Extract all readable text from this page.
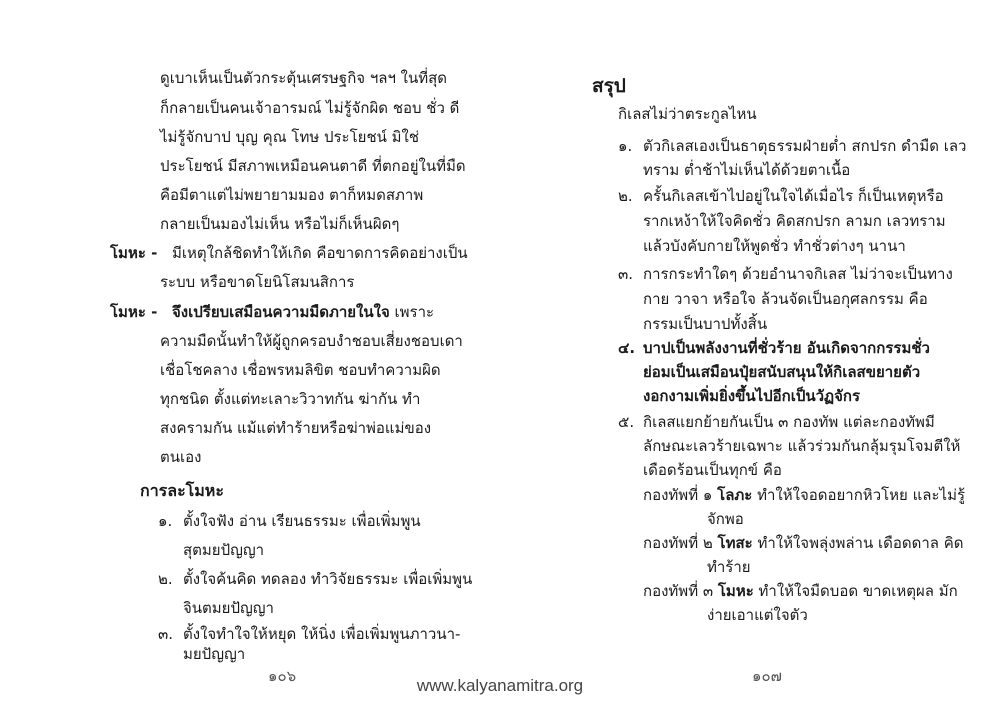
ดูเบาเห็นเป็นตัวกระตุ้นเศรษฐกิจ ฯลฯ ในที่สุด
ก็กลายเป็นคนเจ้าอารมณ์ ไม่รู้จักผิด ชอบ ชั่ว ดี
ไม่รู้จักบาป บุญ คุณ โทษ ประโยชน์ มิใช่
ประโยชน์ มีสภาพเหมือนคนตาดี ที่ตกอยู่ในที่มืด
คือมีตาแต่ไม่พยายามมอง ตาก็หมดสภาพ
กลายเป็นมองไม่เห็น หรือไม่ก็เห็นผิดๆ
โมหะ - มีเหตุใกล้ชิดทำให้เกิด คือขาดการคิดอย่างเป็น
ระบบ หรือขาดโยนิโสมนสิการ
โมหะ - จึงเปรียบเสมือนความมืดภายในใจ เพราะ
ความมืดนั้นทำให้ผู้ถูกครอบงำชอบเสี่ยงชอบเดา
เชื่อโชคลาง เชื่อพรหมลิขิต ชอบทำความผิด
ทุกชนิด ตั้งแต่ทะเลาะวิวาทกัน ฆ่ากัน ทำ
สงครามกัน แม้แต่ทำร้ายหรือฆ่าพ่อแม่ของ
ตนเอง
การละโมหะ
๑. ตั้งใจฟัง อ่าน เรียนธรรมะ เพื่อเพิ่มพูน
สุตมยปัญญา
๒. ตั้งใจค้นคิด ทดลอง ทำวิจัยธรรมะ เพื่อเพิ่มพูน
จินตมยปัญญา
๓. ตั้งใจทำใจให้หยุด ให้นิ่ง เพื่อเพิ่มพูนภาวนา-
มยปัญญา
๑๐๖
สรุป
กิเลสไม่ว่าตระกูลไหน
๑. ตัวกิเลสเองเป็นธาตุธรรมฝ่ายต่ำ สกปรก ดำมืด เลว
ทราม ต่ำช้าไม่เห็นได้ด้วยตาเนื้อ
๒. ครั้นกิเลสเข้าไปอยู่ในใจได้เมื่อไร ก็เป็นเหตุหรือ
รากเหง้าให้ใจคิดชั่ว คิดสกปรก ลามก เลวทราม
แล้วบังคับกายให้พูดชั่ว ทำชั่วต่างๆ นานา
๓. การกระทำใดๆ ด้วยอำนาจกิเลส ไม่ว่าจะเป็นทาง
กาย วาจา หรือใจ ล้วนจัดเป็นอกุศลกรรม คือ
กรรมเป็นบาปทั้งสิ้น
๔. บาปเป็นพลังงานที่ชั่วร้าย อันเกิดจากกรรมชั่ว
ย่อมเป็นเสมือนปุ๋ยสนับสนุนให้กิเลสขยายตัว
งอกงามเพิ่มยิ่งขึ้นไปอีกเป็นวัฏจักร
๕. กิเลสแยกย้ายกันเป็น ๓ กองทัพ แต่ละกองทัพมี
ลักษณะเลวร้ายเฉพาะ แล้วร่วมกันกลุ้มรุมโจมตีให้
เดือดร้อนเป็นทุกข์ คือ
กองทัพที่ ๑ โลภะ ทำให้ใจอดอยากหิวโหย และไม่รู้
จักพอ
กองทัพที่ ๒ โทสะ ทำให้ใจพลุ่งพล่าน เดือดดาล คิด
ทำร้าย
กองทัพที่ ๓ โมหะ ทำให้ใจมืดบอด ขาดเหตุผล มัก
ง่ายเอาแต่ใจตัว
๑๐๗
www.kalyanamitra.org
